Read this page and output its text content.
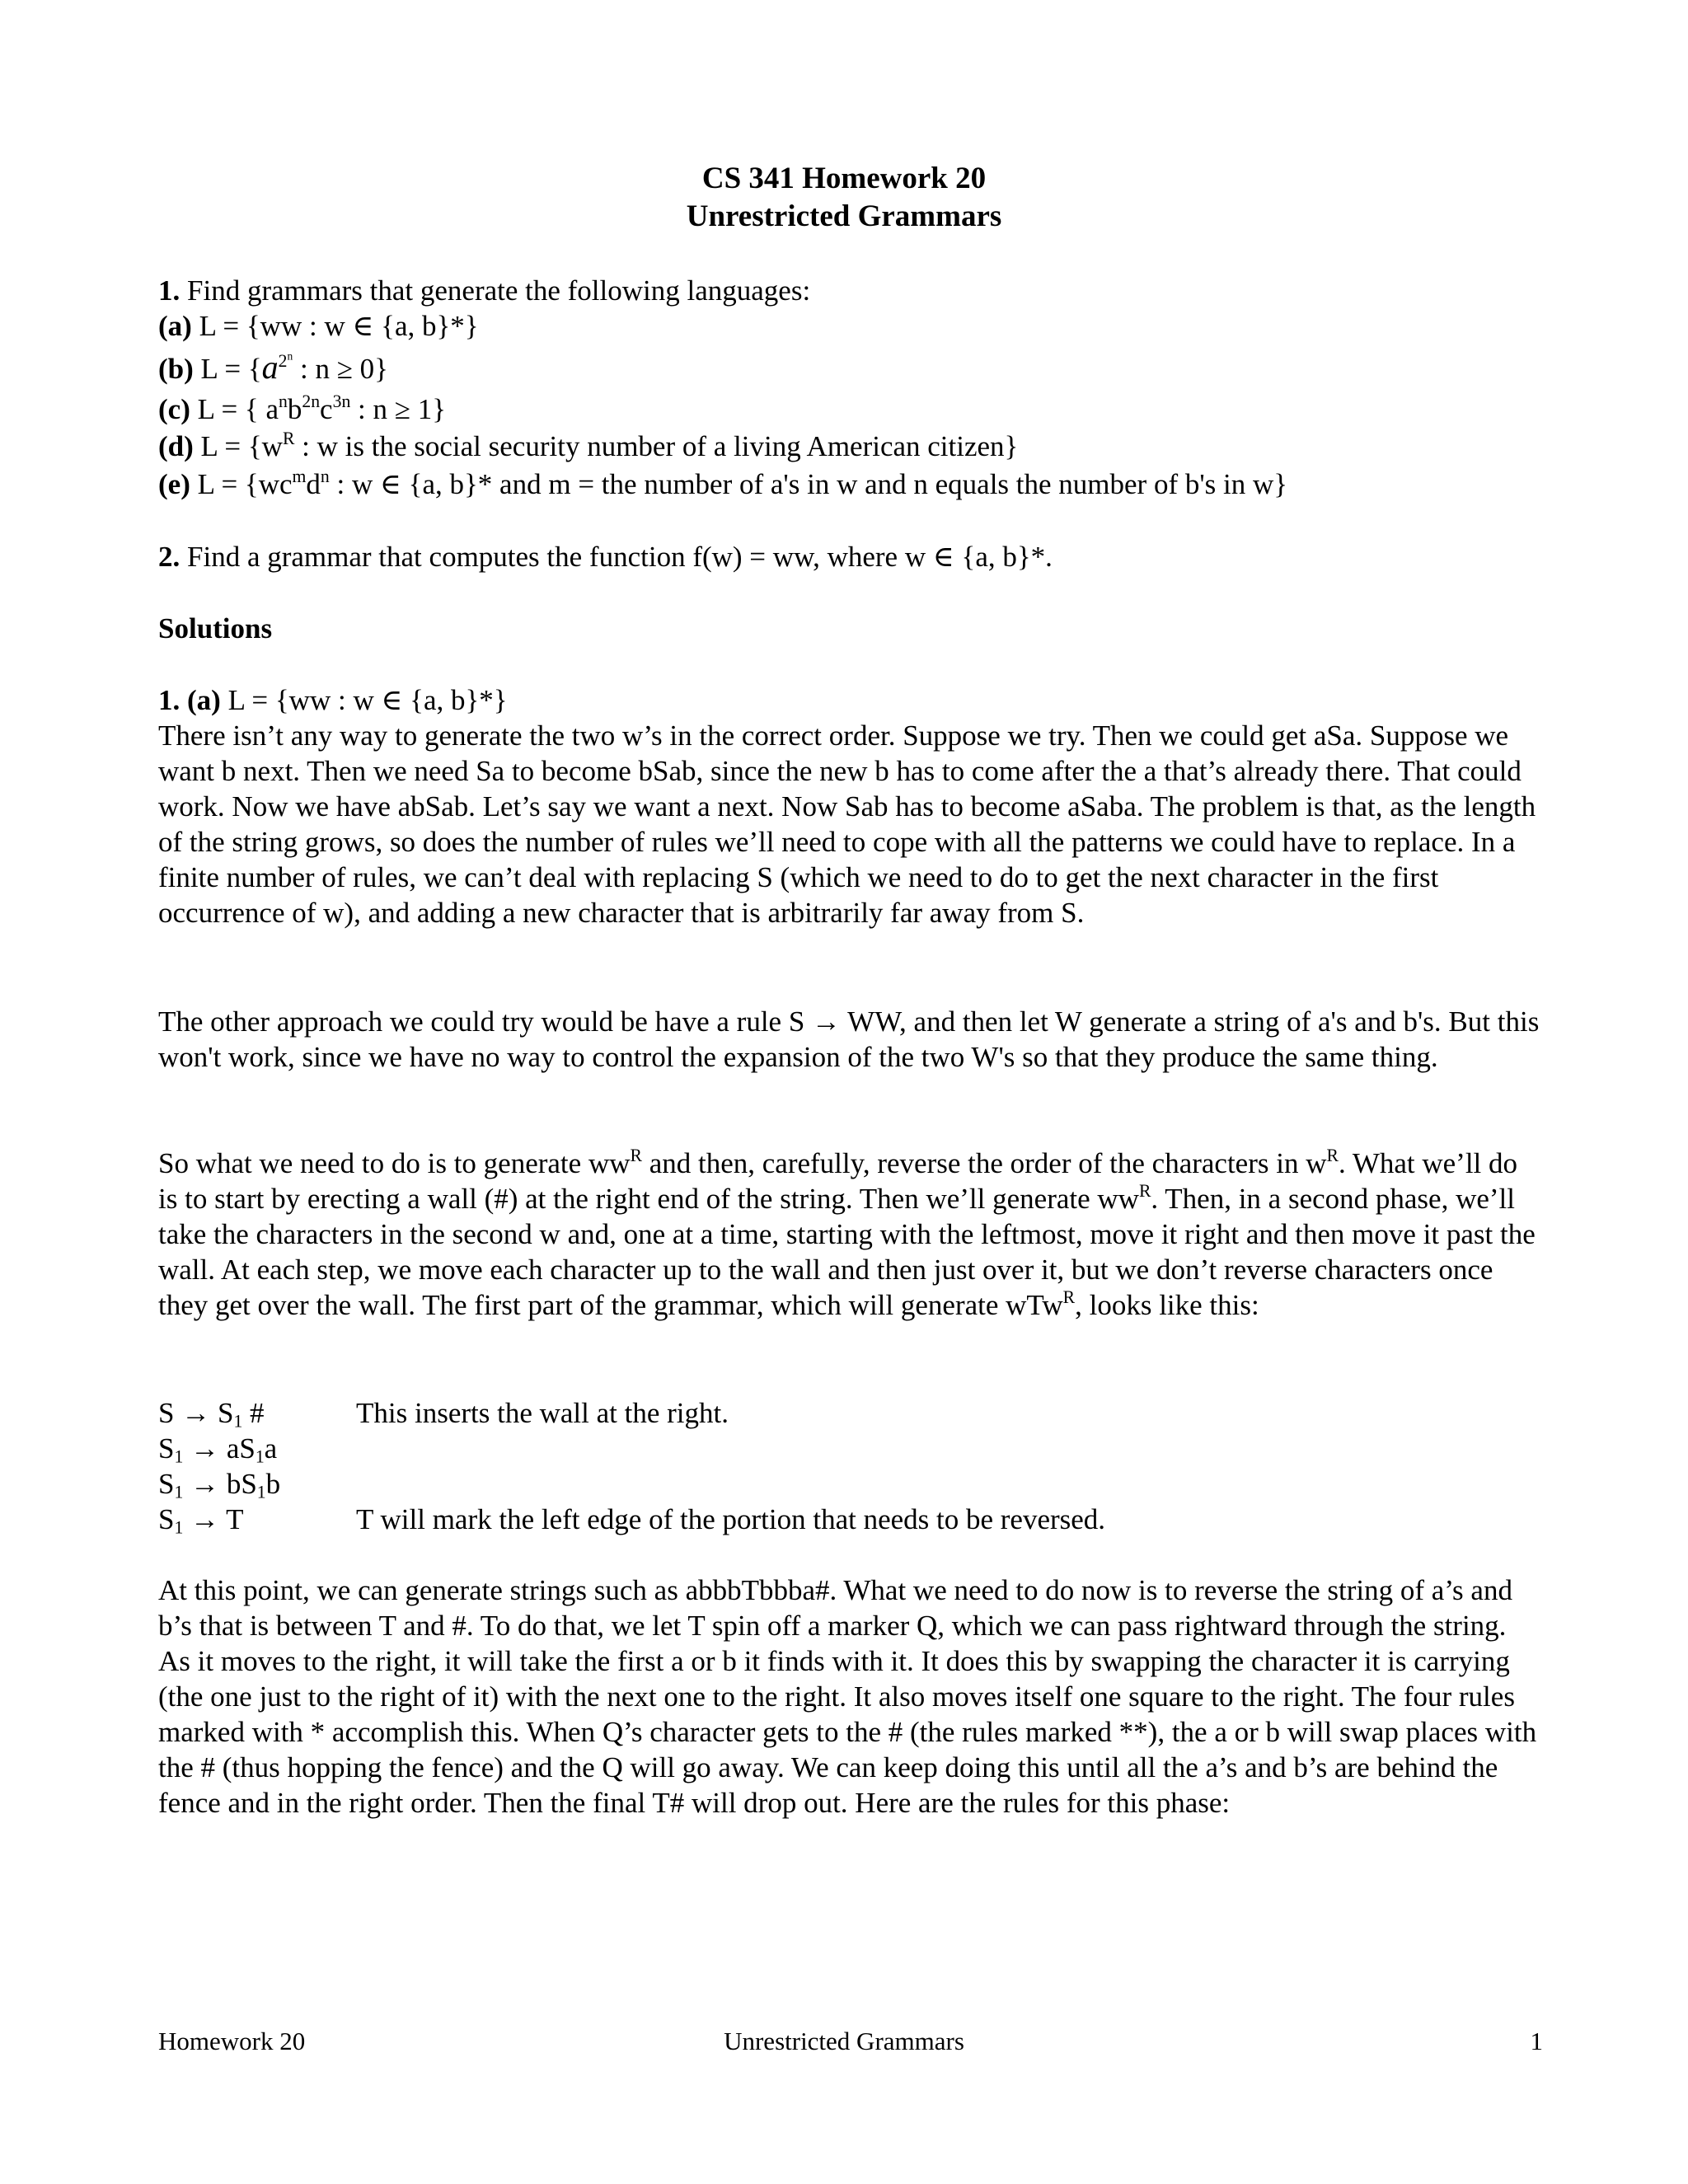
CS 341 Homework 20
Unrestricted Grammars
1. Find grammars that generate the following languages:
(a) L = {ww : w ∈ {a, b}*}
(b) $L = \{a^{2^n}$ : n ≥ 0}
(c) L = { $a^nb^{2n}c^{3n}$ : n ≥ 1}
(d) $L = \{w^R$ : w is the social security number of a living American citizen}
(e) $L = \{wc^md^n$ : w ∈ {a, b}* and m = the number of a's in w and n equals the number of b's in w}
2. Find a grammar that computes the function f(w) = ww, where w ∈ {a, b}*.
Solutions
1. (a) L = {ww : w ∈ {a, b}*}

There isn’t any way to generate the two w’s in the correct order. Suppose we try. Then we could get aSa. Suppose we want b next. Then we need Sa to become bSab, since the new b has to come after the a that’s already there. That could work. Now we have abSab. Let’s say we want a next. Now Sab has to become aSaba. The problem is that, as the length of the string grows, so does the number of rules we’ll need to cope with all the patterns we could have to replace. In a finite number of rules, we can’t deal with replacing S (which we need to do to get the next character in the first occurrence of w), and adding a new character that is arbitrarily far away from S.

The other approach we could try would be have a rule S → WW, and then let W generate a string of a's and b's. But this won't work, since we have no way to control the expansion of the two W's so that they produce the same thing.

So what we need to do is to generate $ww^R$ and then, carefully, reverse the order of the characters in $w^R$. What we’ll do is to start by erecting a wall (#) at the right end of the string. Then we’ll generate $ww^R$. Then, in a second phase, we’ll take the characters in the second w and, one at a time, starting with the leftmost, move it right and then move it past the wall. At each step, we move each character up to the wall and then just over it, but we don’t reverse characters once they get over the wall. The first part of the grammar, which will generate wTw$^R$, looks like this:

$S \to S_1$ #	This inserts the wall at the right.
$S_1 \to aS_1a$
$S_1 \to bS_1b$
$S_1 \to T$	T will mark the left edge of the portion that needs to be reversed.

At this point, we can generate strings such as abbbTbbba#. What we need to do now is to reverse the string of a’s and b’s that is between T and #. To do that, we let T spin off a marker Q, which we can pass rightward through the string. As it moves to the right, it will take the first a or b it finds with it. It does this by swapping the character it is carrying (the one just to the right of it) with the next one to the right. It also moves itself one square to the right. The four rules marked with * accomplish this. When Q’s character gets to the # (the rules marked **), the a or b will swap places with the # (thus hopping the fence) and the Q will go away. We can keep doing this until all the a’s and b’s are behind the fence and in the right order. Then the final T# will drop out. Here are the rules for this phase:

Homework 20	Unrestricted Grammars	1
